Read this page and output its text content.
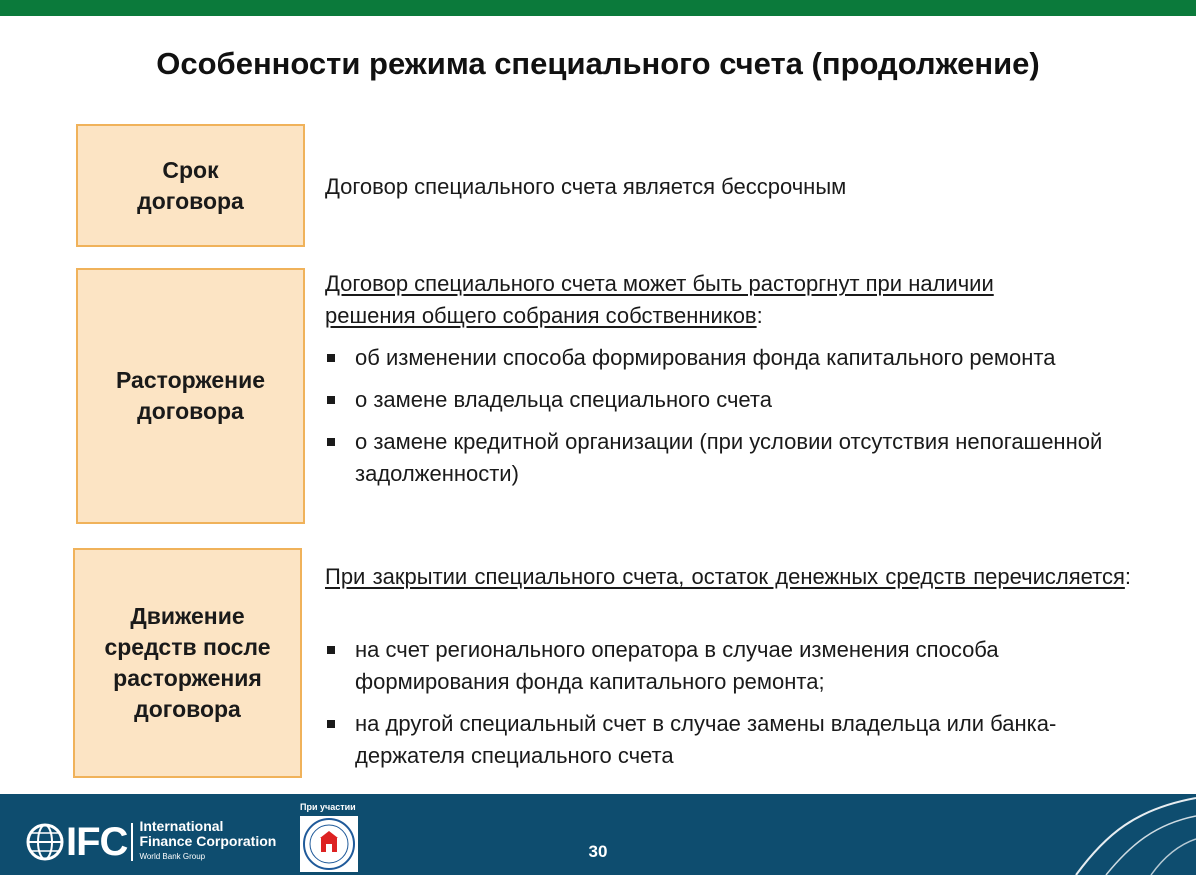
Особенности режима специального счета (продолжение)
Срок
договора
Договор специального счета является бессрочным
Расторжение
договора
Договор специального счета может быть расторгнут при наличии решения общего собрания собственников:
об изменении способа формирования фонда капитального ремонта
о замене владельца специального счета
о замене кредитной организации (при условии отсутствия непогашенной задолженности)
Движение
средств после
расторжения
договора
При закрытии специального счета, остаток денежных средств перечисляется:
на счет регионального оператора в случае изменения способа формирования фонда капитального ремонта;
на другой специальный счет в случае замены владельца или банка-держателя специального счета
IFC International
Finance Corporation
World Bank Group
При участии
30
